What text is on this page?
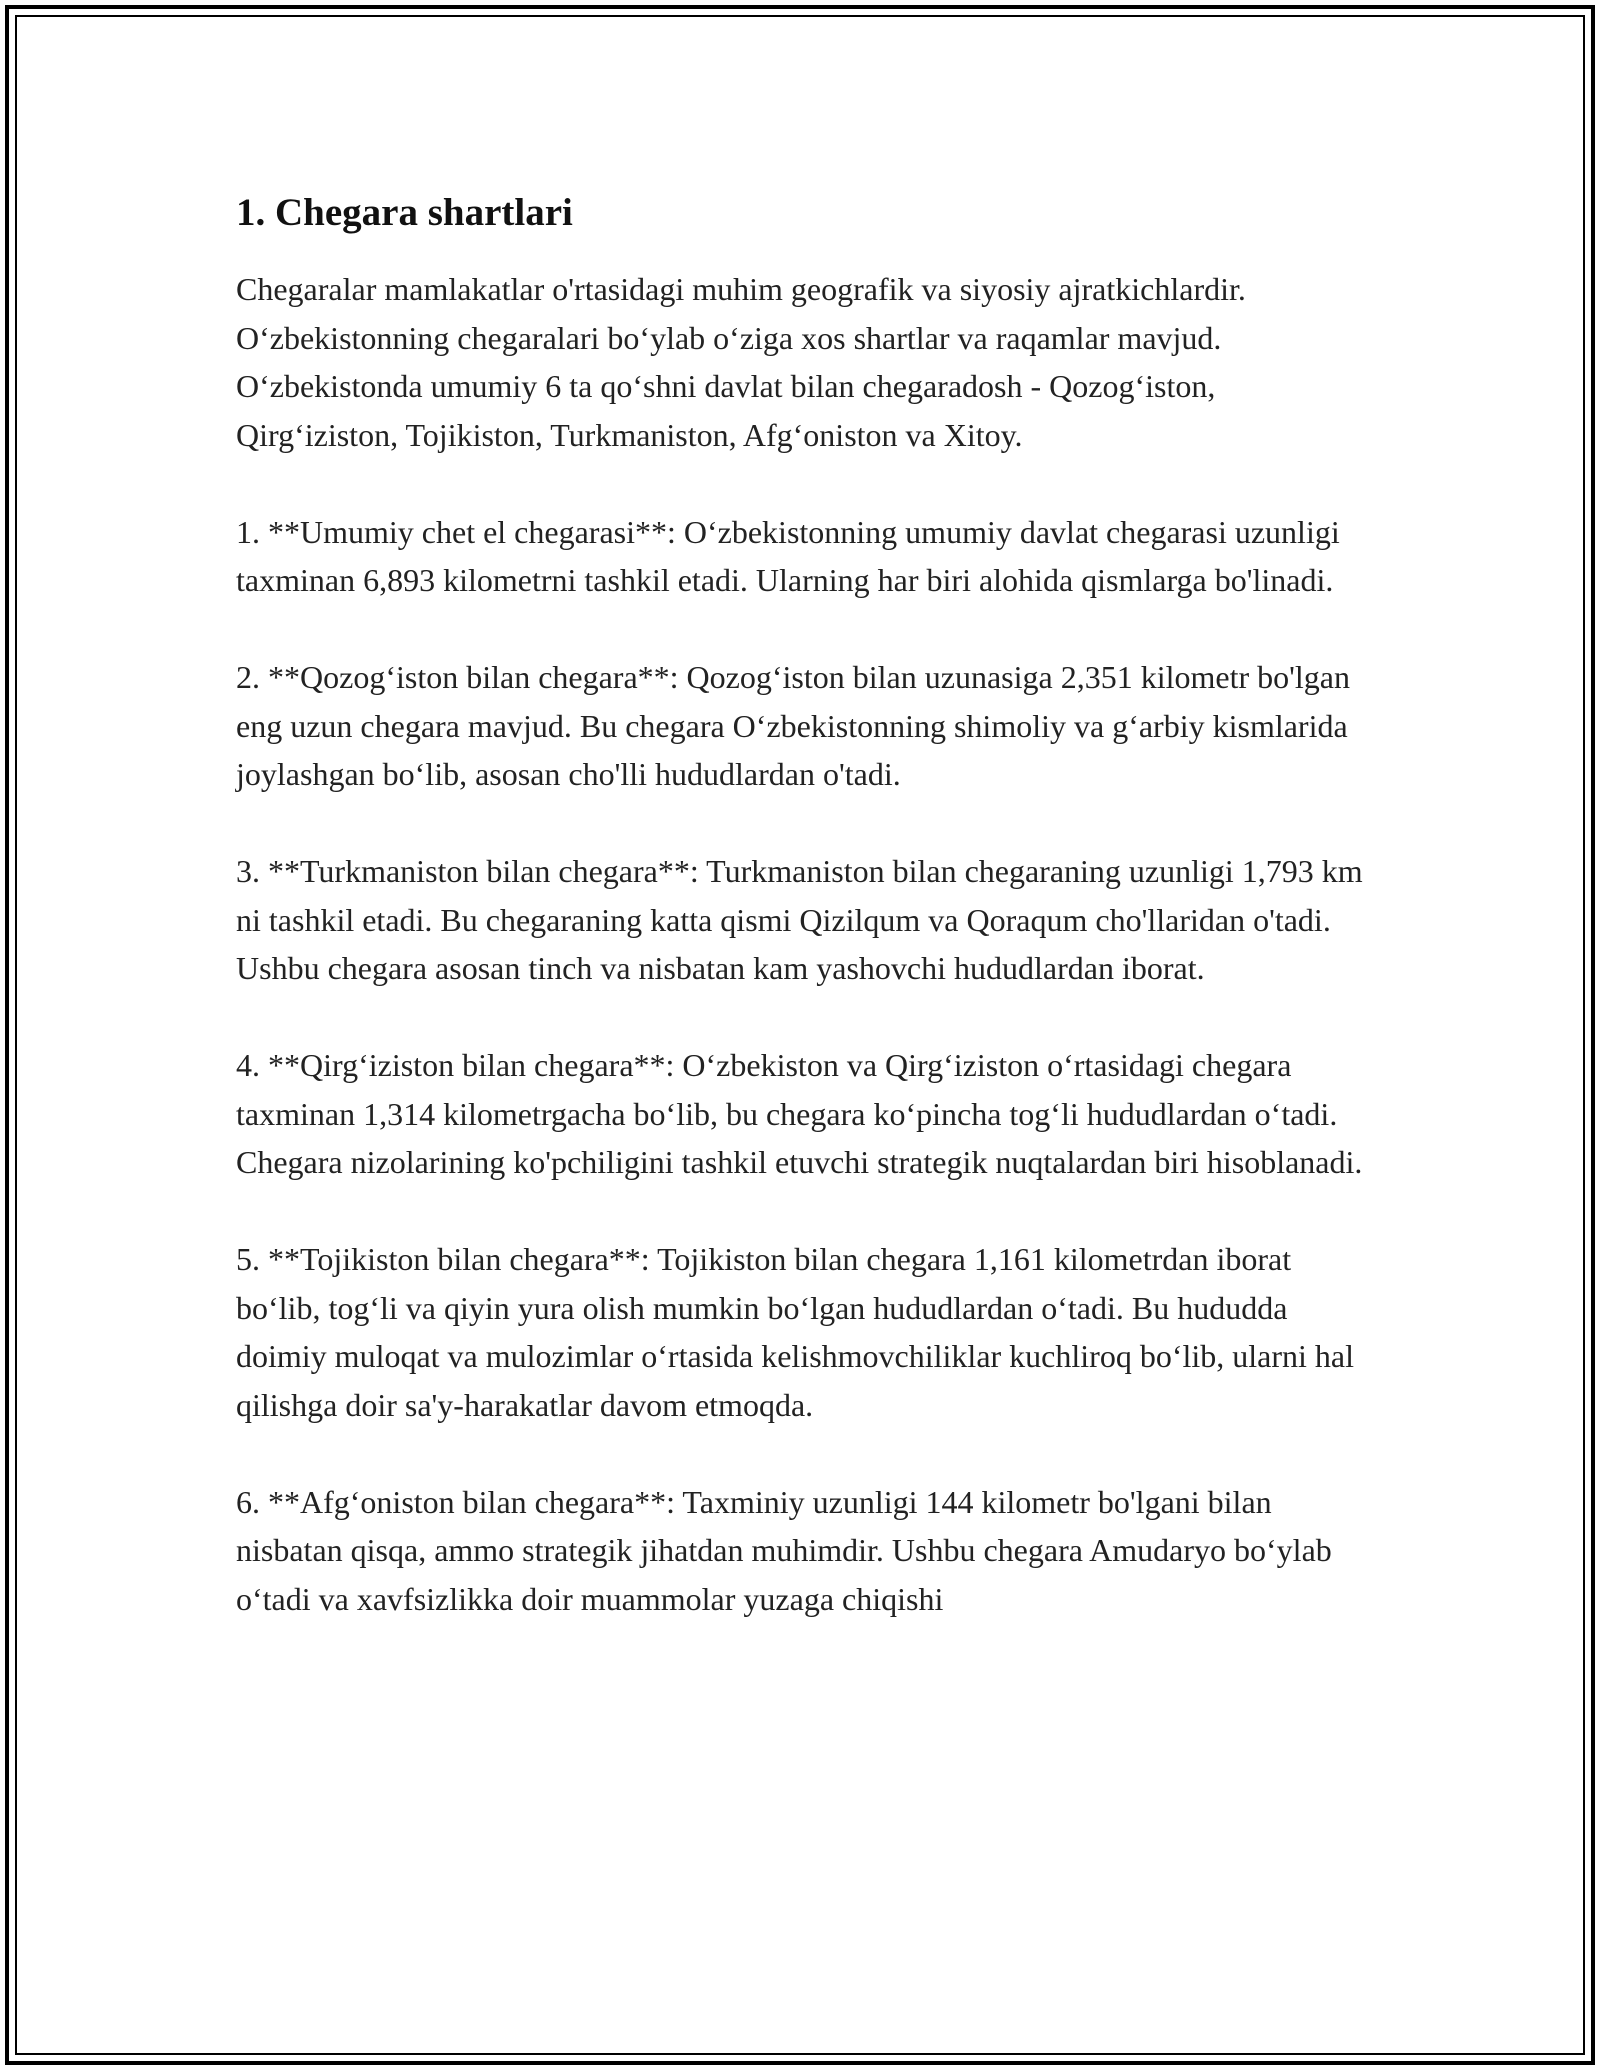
1. Chegara shartlari

Chegaralar mamlakatlar o'rtasidagi muhim geografik va siyosiy ajratkichlardir. O‘zbekistonning chegaralari bo‘ylab o‘ziga xos shartlar va raqamlar mavjud. O‘zbekistonda umumiy 6 ta qo‘shni davlat bilan chegaradosh - Qozog‘iston, Qirg‘iziston, Tojikiston, Turkmaniston, Afg‘oniston va Xitoy.

1. **Umumiy chet el chegarasi**: O‘zbekistonning umumiy davlat chegarasi uzunligi taxminan 6,893 kilometrni tashkil etadi. Ularning har biri alohida qismlarga bo'linadi.

2. **Qozog‘iston bilan chegara**: Qozog‘iston bilan uzunasiga 2,351 kilometr bo'lgan eng uzun chegara mavjud. Bu chegara O‘zbekistonning shimoliy va g‘arbiy kismlarida joylashgan bo‘lib, asosan cho'lli hududlardan o'tadi.

3. **Turkmaniston bilan chegara**: Turkmaniston bilan chegaraning uzunligi 1,793 km ni tashkil etadi. Bu chegaraning katta qismi Qizilqum va Qoraqum cho'llaridan o'tadi. Ushbu chegara asosan tinch va nisbatan kam yashovchi hududlardan iborat.

4. **Qirg‘iziston bilan chegara**: O‘zbekiston va Qirg‘iziston o‘rtasidagi chegara taxminan 1,314 kilometrgacha bo‘lib, bu chegara ko‘pincha tog‘li hududlardan o‘tadi. Chegara nizolarining ko'pchiligini tashkil etuvchi strategik nuqtalardan biri hisoblanadi.

5. **Tojikiston bilan chegara**: Tojikiston bilan chegara 1,161 kilometrdan iborat bo‘lib, tog‘li va qiyin yura olish mumkin bo‘lgan hududlardan o‘tadi. Bu hududda doimiy muloqat va mulozimlar o‘rtasida kelishmovchiliklar kuchliroq bo‘lib, ularni hal qilishga doir sa'y-harakatlar davom etmoqda.

6. **Afg‘oniston bilan chegara**: Taxminiy uzunligi 144 kilometr bo'lgani bilan nisbatan qisqa, ammo strategik jihatdan muhimdir. Ushbu chegara Amudaryo bo‘ylab o‘tadi va xavfsizlikka doir muammolar yuzaga chiqishi
